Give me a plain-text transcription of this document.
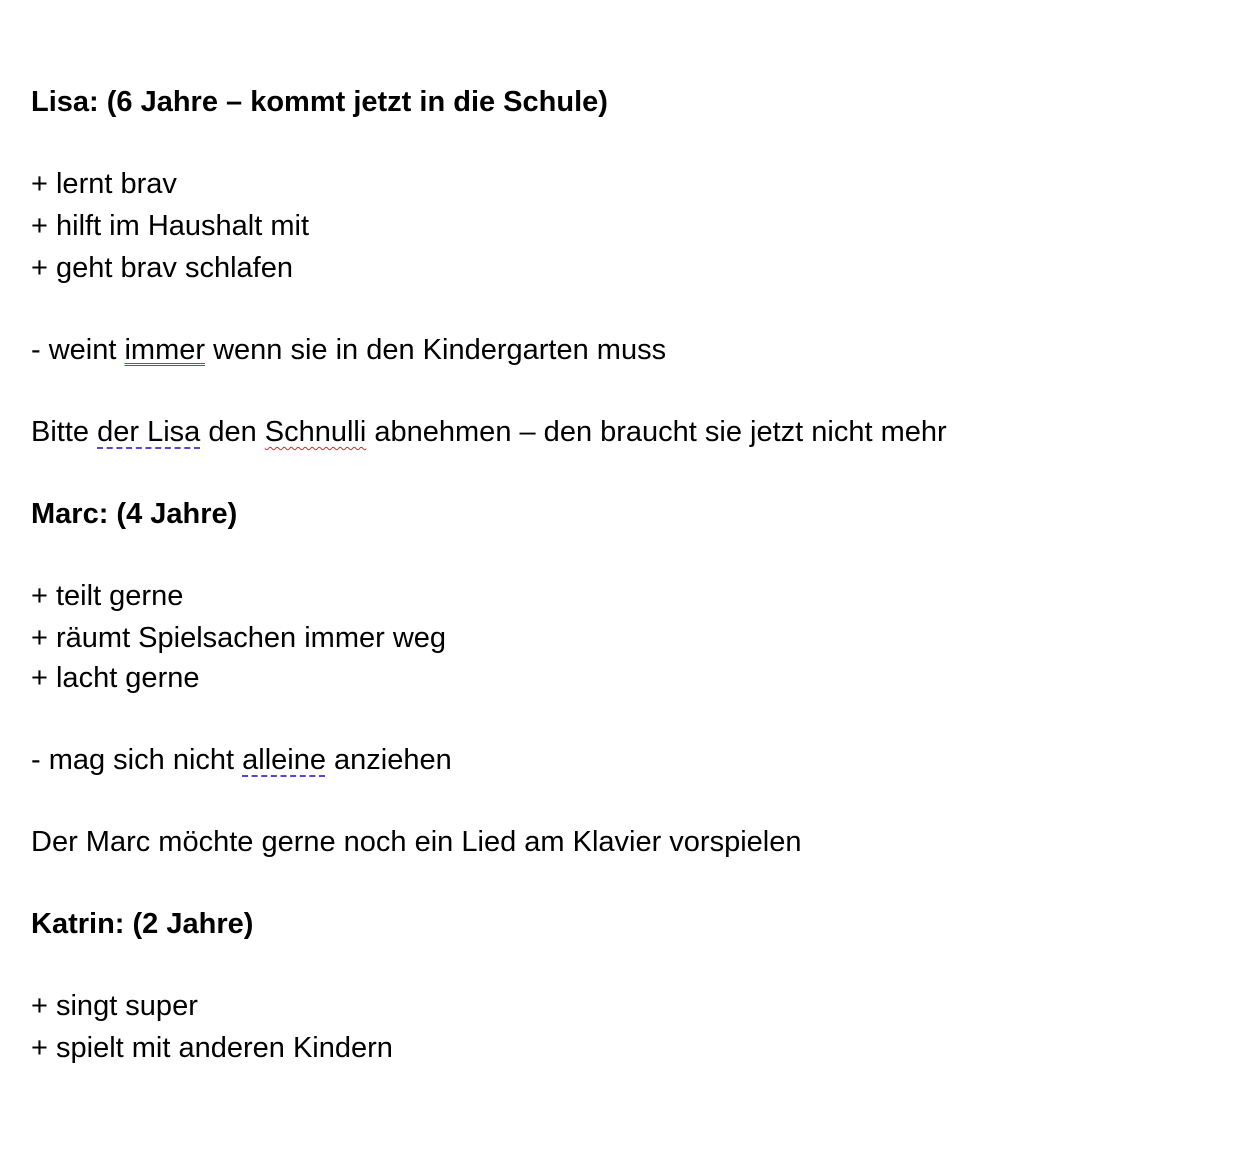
Lisa: (6 Jahre – kommt jetzt in die Schule)
+ lernt brav
+ hilft im Haushalt mit
+ geht brav schlafen
- weint immer wenn sie in den Kindergarten muss
Bitte der Lisa den Schnulli abnehmen – den braucht sie jetzt nicht mehr
Marc: (4 Jahre)
+ teilt gerne
+ räumt Spielsachen immer weg
+ lacht gerne
- mag sich nicht alleine anziehen
Der Marc möchte gerne noch ein Lied am Klavier vorspielen
Katrin: (2 Jahre)
+ singt super
+ spielt mit anderen Kindern
